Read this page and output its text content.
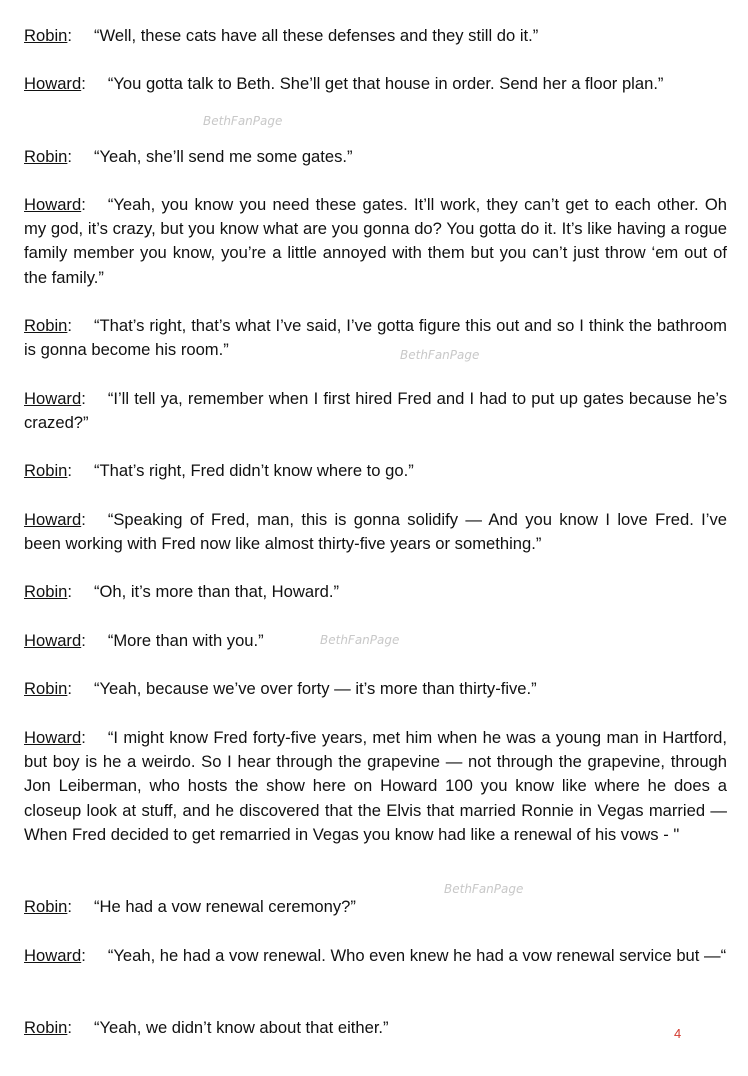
Robin: “Well, these cats have all these defenses and they still do it.”
Howard: “You gotta talk to Beth. She’ll get that house in order. Send her a floor plan.”
Robin: “Yeah, she’ll send me some gates.”
Howard: “Yeah, you know you need these gates. It’ll work, they can’t get to each other. Oh my god, it’s crazy, but you know what are you gonna do? You gotta do it. It’s like having a rogue family member you know, you’re a little annoyed with them but you can’t just throw ‘em out of the family.”
Robin: “That’s right, that’s what I’ve said, I’ve gotta figure this out and so I think the bathroom is gonna become his room.”
Howard: “I’ll tell ya, remember when I first hired Fred and I had to put up gates because he’s crazed?”
Robin: “That’s right, Fred didn’t know where to go.”
Howard: “Speaking of Fred, man, this is gonna solidify — And you know I love Fred. I’ve been working with Fred now like almost thirty-five years or something.”
Robin: “Oh, it’s more than that, Howard.”
Howard: “More than with you.”
Robin: “Yeah, because we’ve over forty — it’s more than thirty-five.”
Howard: “I might know Fred forty-five years, met him when he was a young man in Hartford, but boy is he a weirdo. So I hear through the grapevine — not through the grapevine, through Jon Leiberman, who hosts the show here on Howard 100 you know like where he does a closeup look at stuff, and he discovered that the Elvis that married Ronnie in Vegas married — When Fred decided to get remarried in Vegas you know had like a renewal of his vows - "
Robin: “He had a vow renewal ceremony?”
Howard: “Yeah, he had a vow renewal. Who even knew he had a vow renewal service but —“
Robin: “Yeah, we didn’t know about that either.”
BethFanPage
BethFanPage
BethFanPage
BethFanPage
4
